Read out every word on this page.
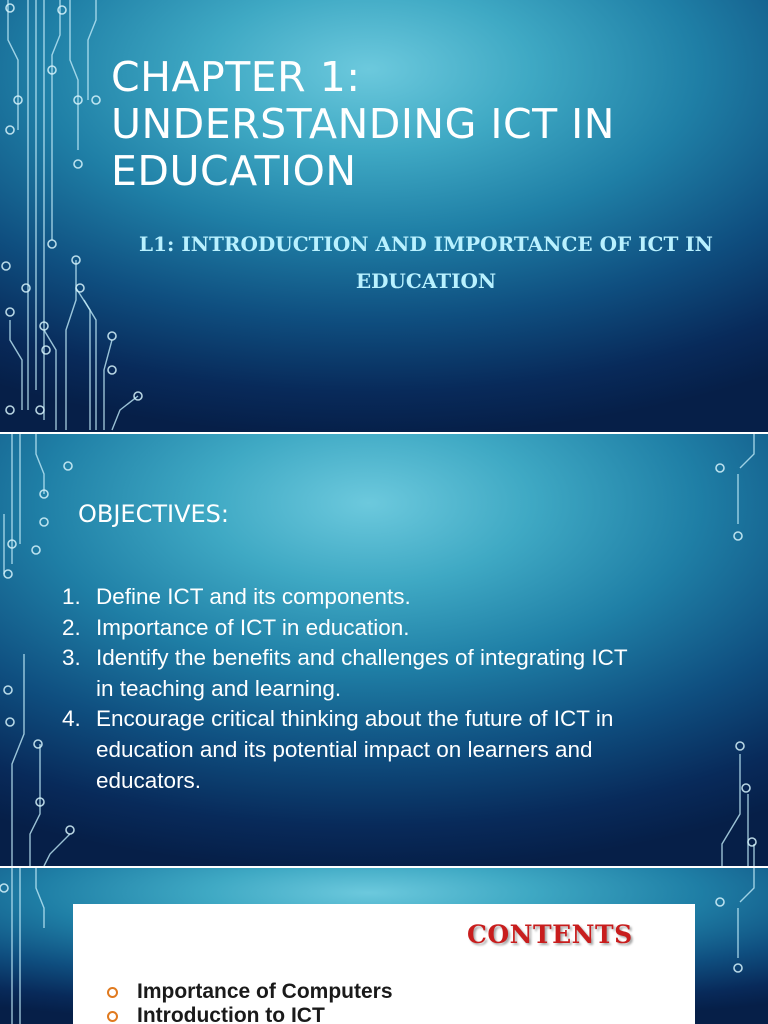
CHAPTER 1:
UNDERSTANDING ICT IN
EDUCATION
L1: INTRODUCTION AND IMPORTANCE OF ICT IN
EDUCATION
OBJECTIVES:
1. Define ICT and its components.
2. Importance of ICT in education.
3. Identify the benefits and challenges of integrating ICT
in teaching and learning.
4. Encourage critical thinking about the future of ICT in
education and its potential impact on learners and
educators.
CONTENTS
Importance of Computers
Introduction to ICT
